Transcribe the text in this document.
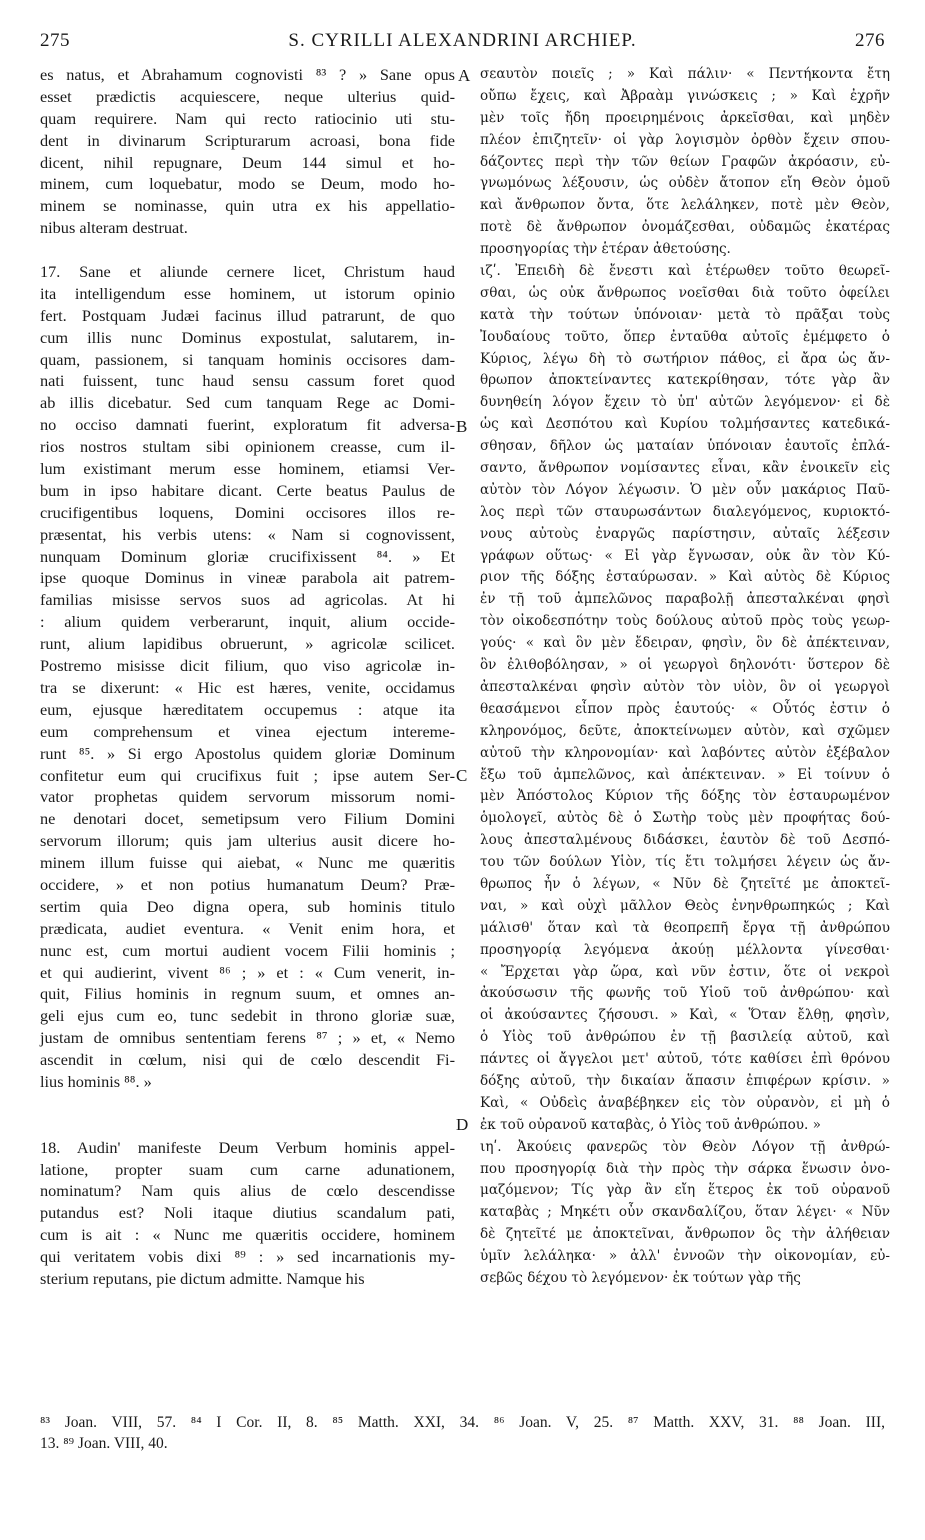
275	S. CYRILLI ALEXANDRINI ARCHIEP.	276
es natus, et Abrahamum cognovisti ⁸³ ? » Sane opus
esset prædictis acquiescere, neque ulterius quid-
quam requirere. Nam qui recto ratiocinio uti stu-
dent in divinarum Scripturarum acroasi, bona fide
dicent, nihil repugnare, Deum 144 simul et ho-
minem, cum loquebatur, modo se Deum, modo ho-
minem se nominasse, quin utra ex his appellatio-
nibus alteram destruat.
17. Sane et aliunde cernere licet, Christum haud
ita intelligendum esse hominem, ut istorum opinio
fert. Postquam Judæi facinus illud patrarunt, de quo
cum illis nunc Dominus expostulat, salutarem, in-
quam, passionem, si tanquam hominis occisores dam-
nati fuissent, tunc haud sensu cassum foret quod
ab illis dicebatur. Sed cum tanquam Rege ac Domi-
no occiso damnati fuerint, exploratum fit adversa-
rios nostros stultam sibi opinionem creasse, cum il-
lum existimant merum esse hominem, etiamsi Ver-
bum in ipso habitare dicant. Certe beatus Paulus de
crucifigentibus loquens, Domini occisores illos re-
præsentat, his verbis utens: « Nam si cognovissent,
nunquam Dominum gloriæ crucifixissent ⁸⁴. » Et
ipse quoque Dominus in vineæ parabola ait patrem-
familias misisse servos suos ad agricolas. At hi
: alium quidem verberarunt, inquit, alium occide-
runt, alium lapidibus obruerunt, » agricolæ scilicet.
Postremo misisse dicit filium, quo viso agricolæ in-
tra se dixerunt: « Hic est hæres, venite, occidamus
eum, ejusque hæreditatem occupemus : atque ita
eum comprehensum et vinea ejectum intereme-
runt ⁸⁵. » Si ergo Apostolus quidem gloriæ Dominum
confitetur eum qui crucifixus fuit ; ipse autem Ser-
vator prophetas quidem servorum missorum nomi-
ne denotari docet, semetipsum vero Filium Domini
servorum illorum; quis jam ulterius ausit dicere ho-
minem illum fuisse qui aiebat, « Nunc me quæritis
occidere, » et non potius humanatum Deum? Præ-
sertim quia Deo digna opera, sub hominis titulo
prædicata, audiet eventura. « Venit enim hora, et
nunc est, cum mortui audient vocem Filii hominis ;
et qui audierint, vivent ⁸⁶ ; » et : « Cum venerit, in-
quit, Filius hominis in regnum suum, et omnes an-
geli ejus cum eo, tunc sedebit in throno gloriæ suæ,
justam de omnibus sententiam ferens ⁸⁷ ; » et, « Nemo
ascendit in cœlum, nisi qui de cœlo descendit Fi-
lius hominis ⁸⁸. »
18. Audin' manifeste Deum Verbum hominis appel-
latione, propter suam cum carne adunationem,
nominatum? Nam quis alius de cœlo descendisse
putandus est? Noli itaque diutius scandalum pati,
cum is ait : « Nunc me quæritis occidere, hominem
qui veritatem vobis dixi ⁸⁹ : » sed incarnationis my-
sterium reputans, pie dictum admitte. Namque his
σεαυτὸν ποιεῖς ; » Καὶ πάλιν· « Πεντήκοντα ἔτη
οὔπω ἔχεις, καὶ Ἀβραὰμ γινώσκεις ; » Καὶ ἐχρῆν
μὲν τοῖς ἤδη προειρημένοις ἀρκεῖσθαι, καὶ μηδὲν
πλέον ἐπιζητεῖν· οἱ γὰρ λογισμὸν ὀρθὸν ἔχειν σπου-
δάζοντες περὶ τὴν τῶν θείων Γραφῶν ἀκρόασιν, εὐ-
γνωμόνως λέξουσιν, ὡς οὐδὲν ἄτοπον εἴη Θεὸν ὁμοῦ
καὶ ἄνθρωπον ὄντα, ὅτε λελάληκεν, ποτὲ μὲν Θεὸν,
ποτὲ δὲ ἄνθρωπον ὀνομάζεσθαι, οὐδαμῶς ἑκατέρας
προσηγορίας τὴν ἑτέραν ἀθετούσης.
ιζʹ. Ἐπειδὴ δὲ ἔνεστι καὶ ἑτέρωθεν τοῦτο θεωρεῖ-
σθαι, ὡς οὐκ ἄνθρωπος νοεῖσθαι διὰ τοῦτο ὀφείλει
κατὰ τὴν τούτων ὑπόνοιαν· μετὰ τὸ πρᾶξαι τοὺς
Ἰουδαίους τοῦτο, ὅπερ ἐνταῦθα αὐτοῖς ἐμέμφετο ὁ
Κύριος, λέγω δὴ τὸ σωτήριον πάθος, εἰ ἄρα ὡς ἄν-
θρωπον ἀποκτείναντες κατεκρίθησαν, τότε γὰρ ἂν
δυνηθείη λόγον ἔχειν τὸ ὑπ' αὐτῶν λεγόμενον· εἰ δὲ
ὡς καὶ Δεσπότου καὶ Κυρίου τολμήσαντες κατεδικά-
σθησαν, δῆλον ὡς ματαίαν ὑπόνοιαν ἑαυτοῖς ἐπλά-
σαντο, ἄνθρωπον νομίσαντες εἶναι, κἂν ἐνοικεῖν εἰς
αὐτὸν τὸν Λόγον λέγωσιν. Ὁ μὲν οὖν μακάριος Παῦ-
λος περὶ τῶν σταυρωσάντων διαλεγόμενος, κυριοκτό-
νους αὐτοὺς ἐναργῶς παρίστησιν, αὐταῖς λέξεσιν
γράφων οὕτως· « Εἰ γὰρ ἔγνωσαν, οὐκ ἂν τὸν Κύ-
ριον τῆς δόξης ἐσταύρωσαν. » Καὶ αὐτὸς δὲ Κύριος
ἐν τῇ τοῦ ἀμπελῶνος παραβολῇ ἀπεσταλκέναι φησὶ
τὸν οἰκοδεσπότην τοὺς δούλους αὐτοῦ πρὸς τοὺς γεωρ-
γούς· « καὶ ὃν μὲν ἔδειραν, φησὶν, ὃν δὲ ἀπέκτειναν,
ὃν ἐλιθοβόλησαν, » οἱ γεωργοὶ δηλονότι· ὕστερον δὲ
ἀπεσταλκέναι φησὶν αὐτὸν τὸν υἱὸν, ὃν οἱ γεωργοὶ
θεασάμενοι εἶπον πρὸς ἑαυτούς· « Οὗτός ἐστιν ὁ
κληρονόμος, δεῦτε, ἀποκτείνωμεν αὐτὸν, καὶ σχῶμεν
αὐτοῦ τὴν κληρονομίαν· καὶ λαβόντες αὐτὸν ἐξέβαλον
ἔξω τοῦ ἀμπελῶνος, καὶ ἀπέκτειναν. » Εἰ τοίνυν ὁ
μὲν Ἀπόστολος Κύριον τῆς δόξης τὸν ἐσταυρωμένον
ὁμολογεῖ, αὐτὸς δὲ ὁ Σωτὴρ τοὺς μὲν προφήτας δού-
λους ἀπεσταλμένους διδάσκει, ἑαυτὸν δὲ τοῦ Δεσπό-
του τῶν δούλων Υἱὸν, τίς ἔτι τολμήσει λέγειν ὡς ἄν-
θρωπος ἦν ὁ λέγων, « Νῦν δὲ ζητεῖτέ με ἀποκτεῖ-
ναι, » καὶ οὐχὶ μᾶλλον Θεὸς ἐνηνθρωπηκώς ; Καὶ
μάλισθ' ὅταν καὶ τὰ θεοπρεπῆ ἔργα τῇ ἀνθρώπου
προσηγορίᾳ λεγόμενα ἀκούῃ μέλλοντα γίνεσθαι·
« Ἔρχεται γὰρ ὥρα, καὶ νῦν ἐστιν, ὅτε οἱ νεκροὶ
ἀκούσωσιν τῆς φωνῆς τοῦ Υἱοῦ τοῦ ἀνθρώπου· καὶ
οἱ ἀκούσαντες ζήσουσι. » Καὶ, « Ὅταν ἔλθῃ, φησὶν,
ὁ Υἱὸς τοῦ ἀνθρώπου ἐν τῇ βασιλείᾳ αὐτοῦ, καὶ
πάντες οἱ ἄγγελοι μετ' αὐτοῦ, τότε καθίσει ἐπὶ θρόνου
δόξης αὐτοῦ, τὴν δικαίαν ἅπασιν ἐπιφέρων κρίσιν. »
Καὶ, « Οὐδεὶς ἀναβέβηκεν εἰς τὸν οὐρανὸν, εἰ μὴ ὁ
ἐκ τοῦ οὐρανοῦ καταβὰς, ὁ Υἱὸς τοῦ ἀνθρώπου. »
ιηʹ. Ἀκούεις φανερῶς τὸν Θεὸν Λόγον τῇ ἀνθρώ-
που προσηγορίᾳ διὰ τὴν πρὸς τὴν σάρκα ἕνωσιν ὀνο-
μαζόμενον; Τίς γὰρ ἂν εἴη ἕτερος ἐκ τοῦ οὐρανοῦ
καταβὰς ; Μηκέτι οὖν σκανδαλίζου, ὅταν λέγει· « Νῦν
δὲ ζητεῖτέ με ἀποκτεῖναι, ἄνθρωπον ὃς τὴν ἀλήθειαν
ὑμῖν λελάληκα· » ἀλλ' ἐννοῶν τὴν οἰκονομίαν, εὐ-
σεβῶς δέχου τὸ λεγόμενον· ἐκ τούτων γὰρ τῆς
A
B
C
D
⁸³ Joan. VIII, 57. ⁸⁴ I Cor. II, 8. ⁸⁵ Matth. XXI, 34. ⁸⁶ Joan. V, 25. ⁸⁷ Matth. XXV, 31. ⁸⁸ Joan. III,
13. ⁸⁹ Joan. VIII, 40.
